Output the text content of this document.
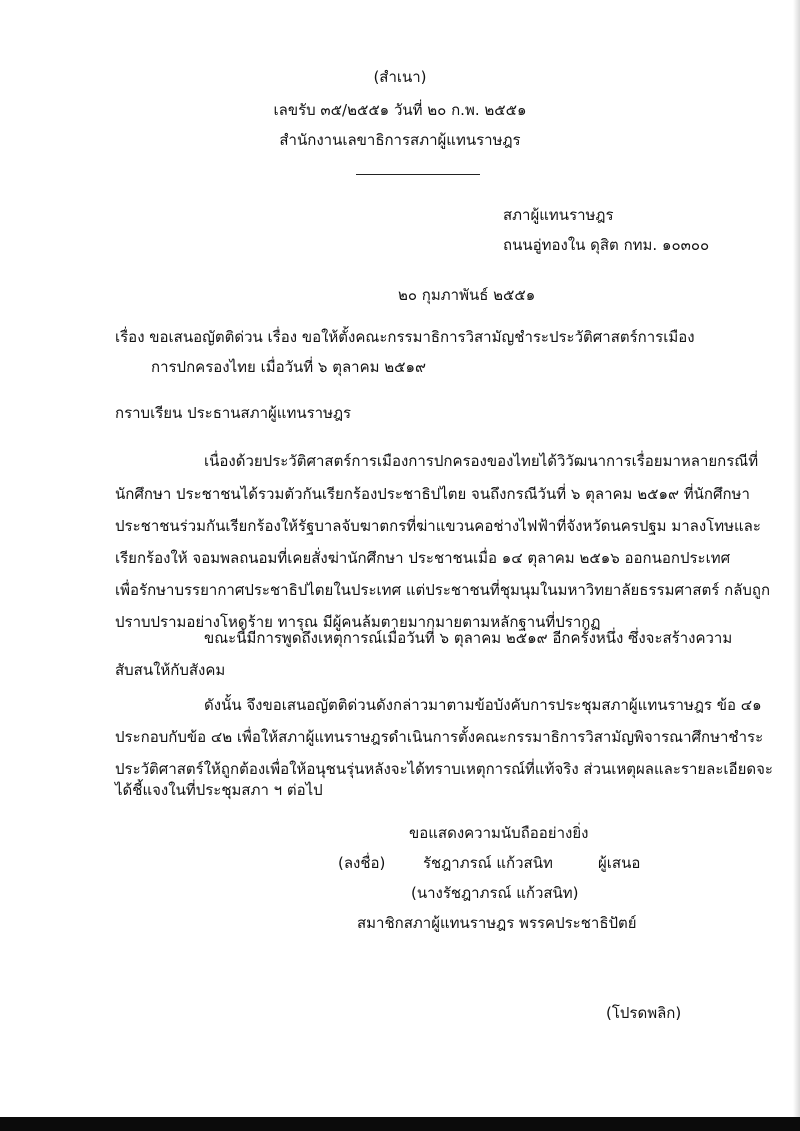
(สำเนา)
เลขรับ ๓๕/๒๕๕๑ วันที่ ๒๐ ก.พ. ๒๕๕๑
สำนักงานเลขาธิการสภาผู้แทนราษฎร
สภาผู้แทนราษฎร
ถนนอู่ทองใน ดุสิต กทม. ๑๐๓๐๐
๒๐ กุมภาพันธ์ ๒๕๕๑
เรื่อง ขอเสนอญัตติด่วน เรื่อง ขอให้ตั้งคณะกรรมาธิการวิสามัญชำระประวัติศาสตร์การเมือง
การปกครองไทย เมื่อวันที่ ๖ ตุลาคม ๒๕๑๙
กราบเรียน ประธานสภาผู้แทนราษฎร
เนื่องด้วยประวัติศาสตร์การเมืองการปกครองของไทยได้วิวัฒนาการเรื่อยมาหลายกรณีที่
นักศึกษา ประชาชนได้รวมตัวกันเรียกร้องประชาธิปไตย จนถึงกรณีวันที่ ๖ ตุลาคม ๒๕๑๙ ที่นักศึกษา
ประชาชนร่วมกันเรียกร้องให้รัฐบาลจับฆาตกรที่ฆ่าแขวนคอช่างไฟฟ้าที่จังหวัดนครปฐม มาลงโทษและ
เรียกร้องให้ จอมพลถนอมที่เคยสั่งฆ่านักศึกษา ประชาชนเมื่อ ๑๔ ตุลาคม ๒๕๑๖ ออกนอกประเทศ
เพื่อรักษาบรรยากาศประชาธิปไตยในประเทศ แต่ประชาชนที่ชุมนุมในมหาวิทยาลัยธรรมศาสตร์ กลับถูก
ปราบปรามอย่างโหดร้าย ทารุณ มีผู้คนล้มตายมากมายตามหลักฐานที่ปรากฏ
ขณะนี้มีการพูดถึงเหตุการณ์เมื่อวันที่ ๖ ตุลาคม ๒๕๑๙ อีกครั้งหนึ่ง ซึ่งจะสร้างความ
สับสนให้กับสังคม
ดังนั้น จึงขอเสนอญัตติด่วนดังกล่าวมาตามข้อบังคับการประชุมสภาผู้แทนราษฎร ข้อ ๔๑
ประกอบกับข้อ ๔๒ เพื่อให้สภาผู้แทนราษฎรดำเนินการตั้งคณะกรรมาธิการวิสามัญพิจารณาศึกษาชำระ
ประวัติศาสตร์ให้ถูกต้องเพื่อให้อนุชนรุ่นหลังจะได้ทราบเหตุการณ์ที่แท้จริง ส่วนเหตุผลและรายละเอียดจะ
ได้ชี้แจงในที่ประชุมสภา ฯ ต่อไป
ขอแสดงความนับถืออย่างยิ่ง
(ลงชื่อ)	รัชฎาภรณ์ แก้วสนิท	ผู้เสนอ
(นางรัชฎาภรณ์ แก้วสนิท)
สมาชิกสภาผู้แทนราษฎร พรรคประชาธิปัตย์
(โปรดพลิก)
